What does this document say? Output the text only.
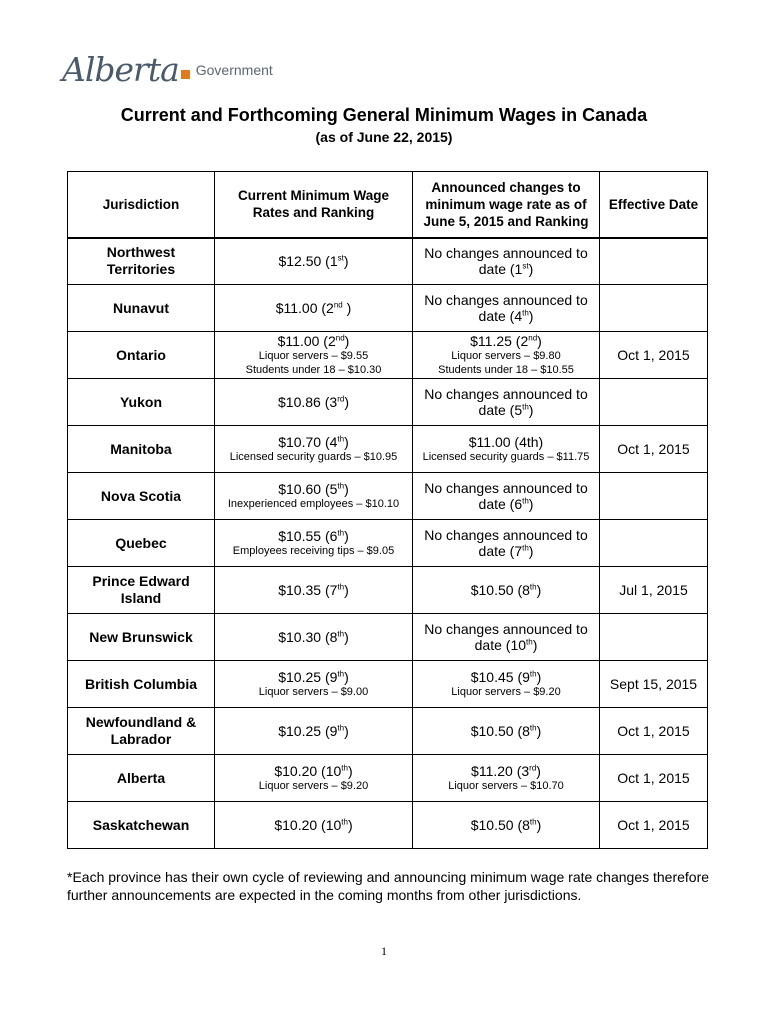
Alberta Government
Current and Forthcoming General Minimum Wages in Canada
(as of June 22, 2015)
Jurisdiction	Current Minimum Wage Rates and Ranking	Announced changes to minimum wage rate as of June 5, 2015 and Ranking	Effective Date
Northwest Territories	$12.50 (1st)	No changes announced to date (1st)	

Nunavut	$11.00 (2nd )	No changes announced to date (4th)	

Ontario	$11.00 (2nd)
Liquor servers – $9.55
Students under 18 – $10.30	$11.25 (2nd)
Liquor servers – $9.80
Students under 18 – $10.55	Oct 1, 2015
Yukon	$10.86 (3rd)	No changes announced to date (5th)	

Manitoba	$10.70 (4th)
Licensed security guards – $10.95	$11.00 (4th)
Licensed security guards – $11.75	Oct 1, 2015
Nova Scotia	$10.60 (5th)
Inexperienced employees – $10.10	No changes announced to date (6th)	

Quebec	$10.55 (6th)
Employees receiving tips – $9.05	No changes announced to date (7th)	

Prince Edward Island	$10.35 (7th)	$10.50 (8th)	Jul 1, 2015
New Brunswick	$10.30 (8th)	No changes announced to date (10th)	

British Columbia	$10.25 (9th)
Liquor servers – $9.00	$10.45 (9th)
Liquor servers – $9.20	Sept 15, 2015
Newfoundland & Labrador	$10.25 (9th)	$10.50 (8th)	Oct 1, 2015
Alberta	$10.20 (10th)
Liquor servers – $9.20	$11.20 (3rd)
Liquor servers – $10.70	Oct 1, 2015
Saskatchewan	$10.20 (10th)	$10.50 (8th)	Oct 1, 2015
*Each province has their own cycle of reviewing and announcing minimum wage rate changes therefore further announcements are expected in the coming months from other jurisdictions.
1
